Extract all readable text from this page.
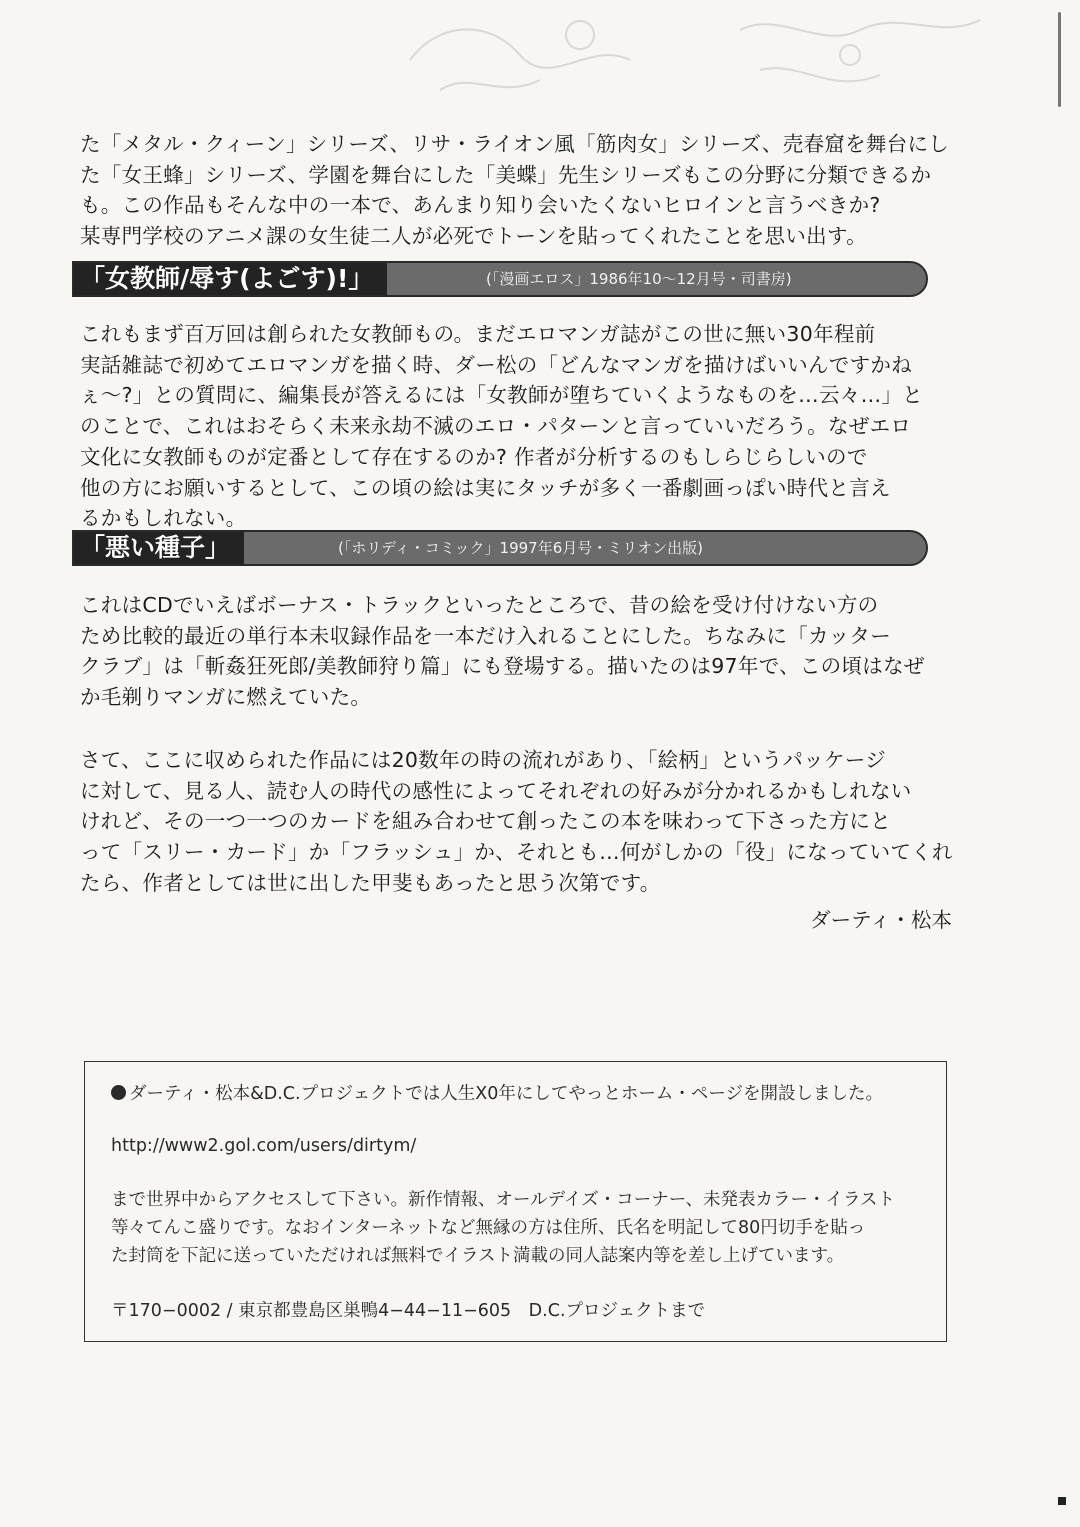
た「メタル・クィーン」シリーズ、リサ・ライオン風「筋肉女」シリーズ、売春窟を舞台にし
た「女王蜂」シリーズ、学園を舞台にした「美蝶」先生シリーズもこの分野に分類できるか
も。この作品もそんな中の一本で、あんまり知り会いたくないヒロインと言うべきか?
某専門学校のアニメ課の女生徒二人が必死でトーンを貼ってくれたことを思い出す。

「女教師/辱す(よごす)!」	(「漫画エロス」1986年10〜12月号・司書房)

これもまず百万回は創られた女教師もの。まだエロマンガ誌がこの世に無い30年程前
実話雑誌で初めてエロマンガを描く時、ダー松の「どんなマンガを描けばいいんですかね
ぇ〜?」との質問に、編集長が答えるには「女教師が堕ちていくようなものを…云々…」と
のことで、これはおそらく未来永劫不滅のエロ・パターンと言っていいだろう。なぜエロ
文化に女教師ものが定番として存在するのか? 作者が分析するのもしらじらしいので
他の方にお願いするとして、この頃の絵は実にタッチが多く一番劇画っぽい時代と言え
るかもしれない。

「悪い種子」	(「ホリディ・コミック」1997年6月号・ミリオン出版)

これはCDでいえばボーナス・トラックといったところで、昔の絵を受け付けない方の
ため比較的最近の単行本未収録作品を一本だけ入れることにした。ちなみに「カッター
クラブ」は「斬姦狂死郎/美教師狩り篇」にも登場する。描いたのは97年で、この頃はなぜ
か毛剃りマンガに燃えていた。

さて、ここに収められた作品には20数年の時の流れがあり、「絵柄」というパッケージ
に対して、見る人、読む人の時代の感性によってそれぞれの好みが分かれるかもしれない
けれど、その一つ一つのカードを組み合わせて創ったこの本を味わって下さった方にと
って「スリー・カード」か「フラッシュ」か、それとも…何がしかの「役」になっていてくれ
たら、作者としては世に出した甲斐もあったと思う次第です。

ダーティ・松本
ダーティ・松本&D.C.プロジェクトでは人生X0年にしてやっとホーム・ページを開設しました。
http://www2.gol.com/users/dirtym/
まで世界中からアクセスして下さい。新作情報、オールデイズ・コーナー、未発表カラー・イラスト
等々てんこ盛りです。なおインターネットなど無縁の方は住所、氏名を明記して80円切手を貼っ
た封筒を下記に送っていただければ無料でイラスト満載の同人誌案内等を差し上げています。
〒170−0002 / 東京都豊島区巣鴨4−44−11−605　D.C.プロジェクトまで
